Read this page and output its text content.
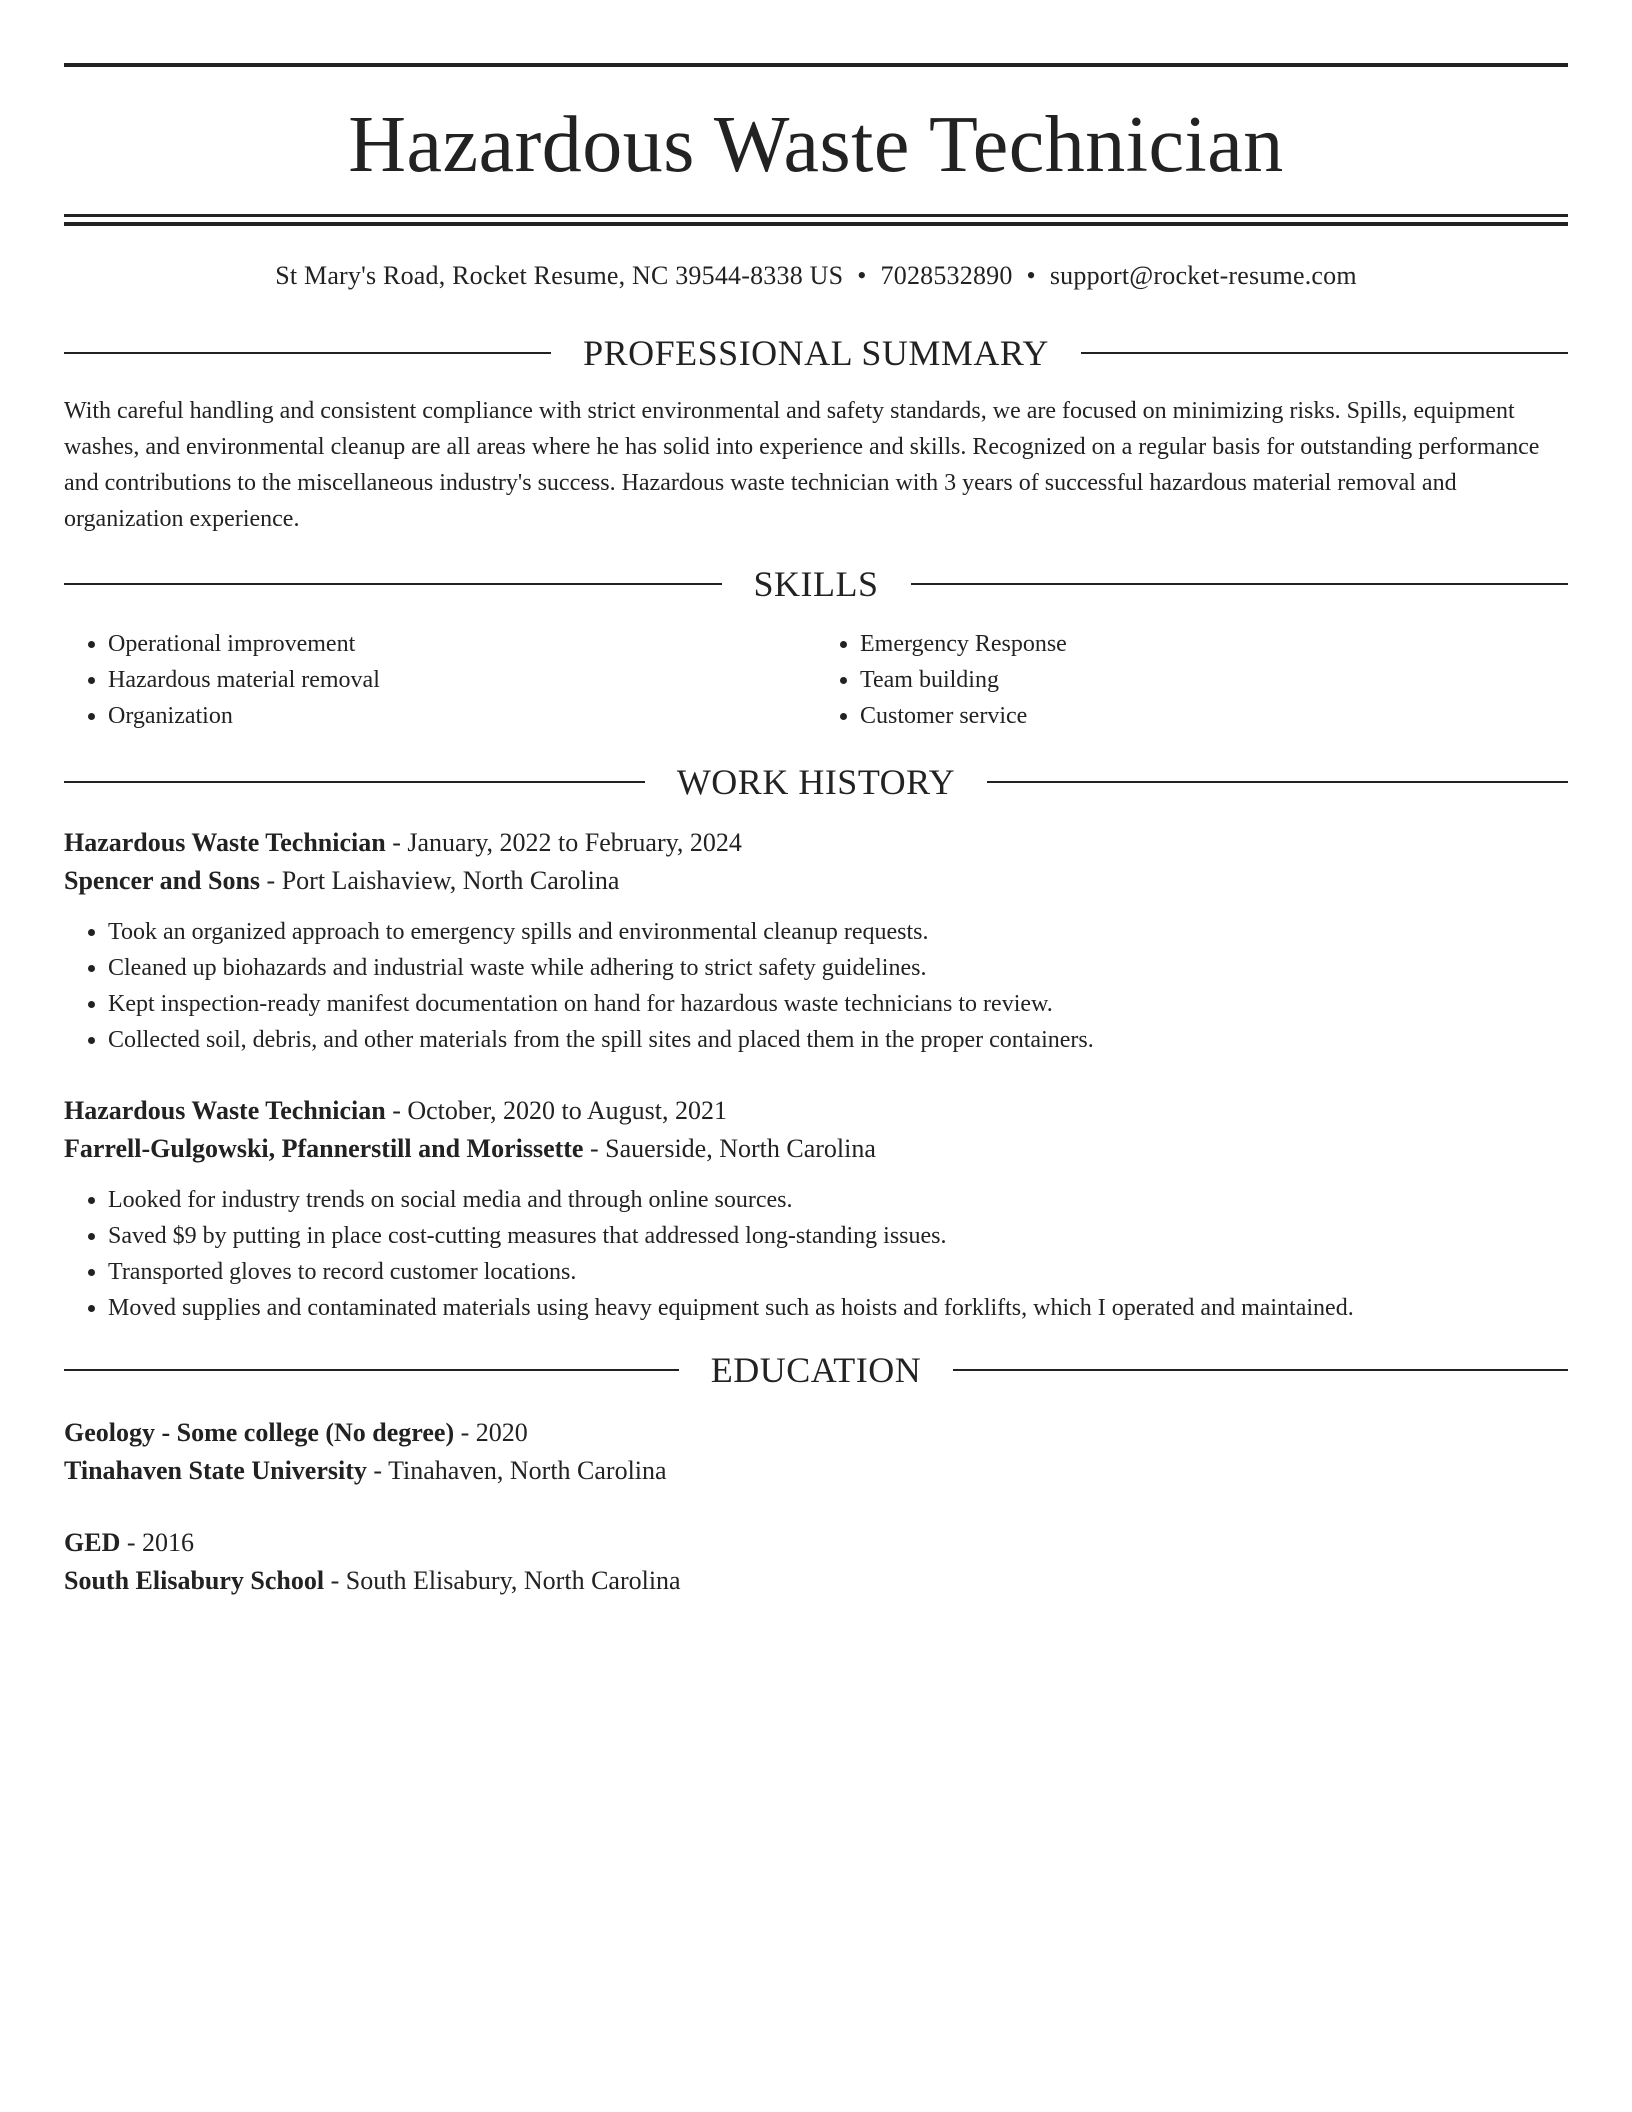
Hazardous Waste Technician
St Mary's Road, Rocket Resume, NC 39544-8338 US • 7028532890 • support@rocket-resume.com
PROFESSIONAL SUMMARY
With careful handling and consistent compliance with strict environmental and safety standards, we are focused on minimizing risks. Spills, equipment washes, and environmental cleanup are all areas where he has solid into experience and skills. Recognized on a regular basis for outstanding performance and contributions to the miscellaneous industry's success. Hazardous waste technician with 3 years of successful hazardous material removal and organization experience.
SKILLS
• Operational improvement
• Hazardous material removal
• Organization
• Emergency Response
• Team building
• Customer service
WORK HISTORY
Hazardous Waste Technician - January, 2022 to February, 2024
Spencer and Sons - Port Laishaview, North Carolina
• Took an organized approach to emergency spills and environmental cleanup requests.
• Cleaned up biohazards and industrial waste while adhering to strict safety guidelines.
• Kept inspection-ready manifest documentation on hand for hazardous waste technicians to review.
• Collected soil, debris, and other materials from the spill sites and placed them in the proper containers.
Hazardous Waste Technician - October, 2020 to August, 2021
Farrell-Gulgowski, Pfannerstill and Morissette - Sauerside, North Carolina
• Looked for industry trends on social media and through online sources.
• Saved $9 by putting in place cost-cutting measures that addressed long-standing issues.
• Transported gloves to record customer locations.
• Moved supplies and contaminated materials using heavy equipment such as hoists and forklifts, which I operated and maintained.
EDUCATION
Geology - Some college (No degree) - 2020
Tinahaven State University - Tinahaven, North Carolina
GED - 2016
South Elisabury School - South Elisabury, North Carolina
